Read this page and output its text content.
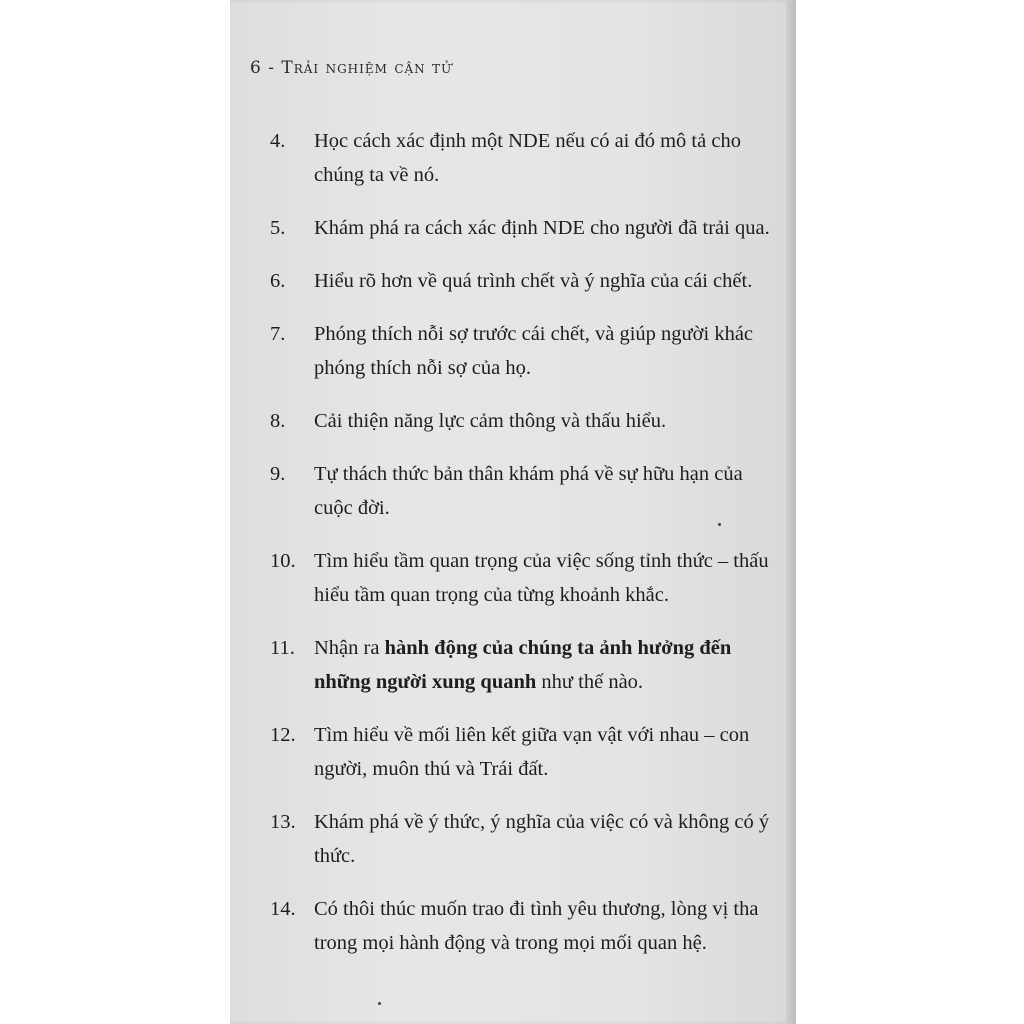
6 - Trải nghiệm cận tử
4.	Học cách xác định một NDE nếu có ai đó mô tả cho chúng ta về nó.
5.	Khám phá ra cách xác định NDE cho người đã trải qua.
6.	Hiểu rõ hơn về quá trình chết và ý nghĩa của cái chết.
7.	Phóng thích nỗi sợ trước cái chết, và giúp người khác phóng thích nỗi sợ của họ.
8.	Cải thiện năng lực cảm thông và thấu hiểu.
9.	Tự thách thức bản thân khám phá về sự hữu hạn của cuộc đời.
10. Tìm hiểu tầm quan trọng của việc sống tỉnh thức – thấu hiểu tầm quan trọng của từng khoảnh khắc.
11. Nhận ra hành động của chúng ta ảnh hưởng đến những người xung quanh như thế nào.
12. Tìm hiểu về mối liên kết giữa vạn vật với nhau – con người, muôn thú và Trái đất.
13. Khám phá về ý thức, ý nghĩa của việc có và không có ý thức.
14. Có thôi thúc muốn trao đi tình yêu thương, lòng vị tha trong mọi hành động và trong mọi mối quan hệ.
